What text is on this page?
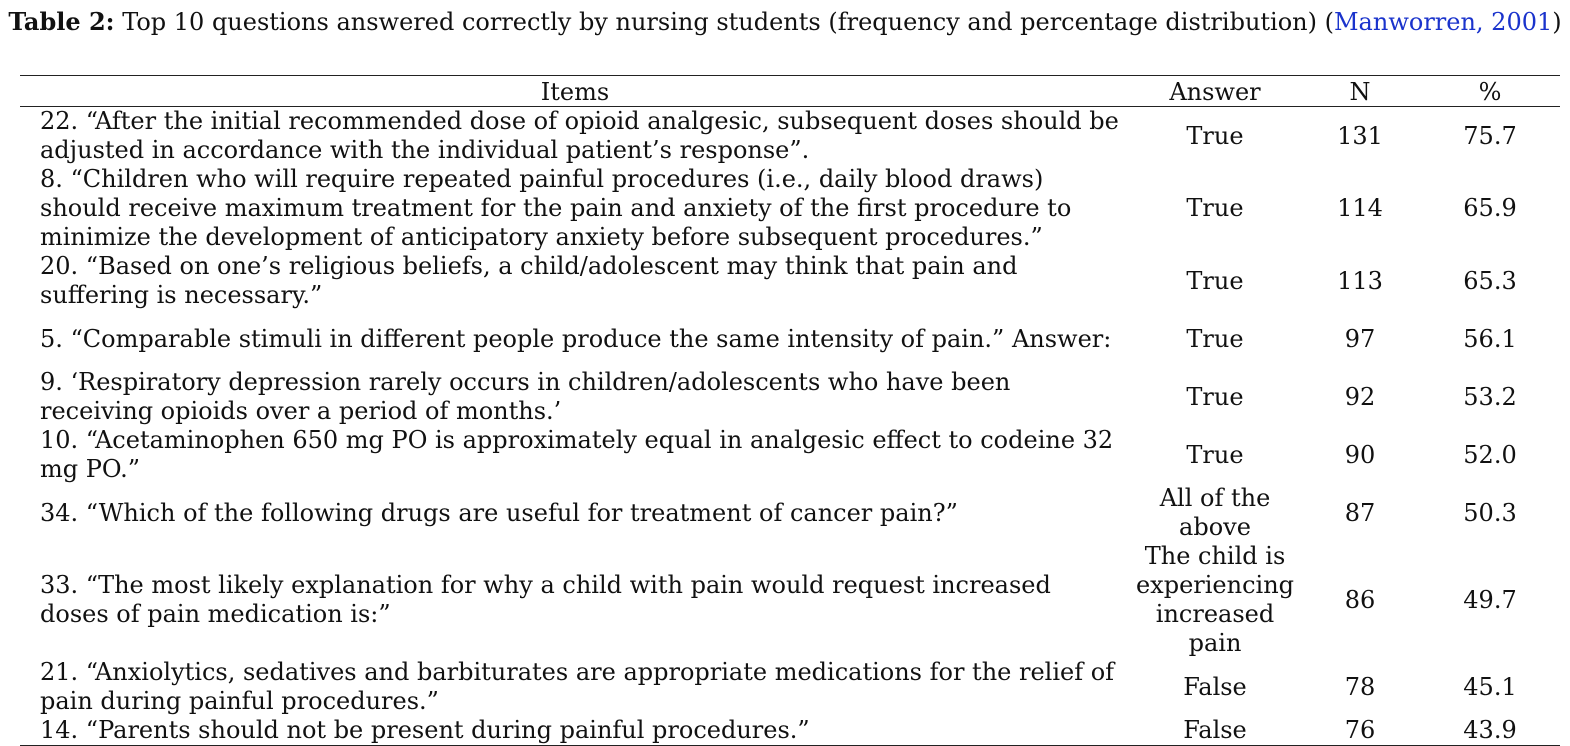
Table 2: Top 10 questions answered correctly by nursing students (frequency and percentage distribution) (Manworren, 2001)
Items	Answer	N	%
22. “After the initial recommended dose of opioid analgesic, subsequent doses should be adjusted in accordance with the individual patient’s response”.	True	131	75.7
8. “Children who will require repeated painful procedures (i.e., daily blood draws) should receive maximum treatment for the pain and anxiety of the first procedure to minimize the development of anticipatory anxiety before subsequent procedures.”	True	114	65.9
20. “Based on one’s religious beliefs, a child/adolescent may think that pain and suffering is necessary.”	True	113	65.3
5. “Comparable stimuli in different people produce the same intensity of pain.” Answer:	True	97	56.1
9. ‘Respiratory depression rarely occurs in children/adolescents who have been receiving opioids over a period of months.’	True	92	53.2
10. “Acetaminophen 650 mg PO is approximately equal in analgesic effect to codeine 32 mg PO.”	True	90	52.0
34. “Which of the following drugs are useful for treatment of cancer pain?”	All of the above	87	50.3
33. “The most likely explanation for why a child with pain would request increased doses of pain medication is:”	The child is experiencing increased pain	86	49.7
21. “Anxiolytics, sedatives and barbiturates are appropriate medications for the relief of pain during painful procedures.”	False	78	45.1
14. “Parents should not be present during painful procedures.”	False	76	43.9
